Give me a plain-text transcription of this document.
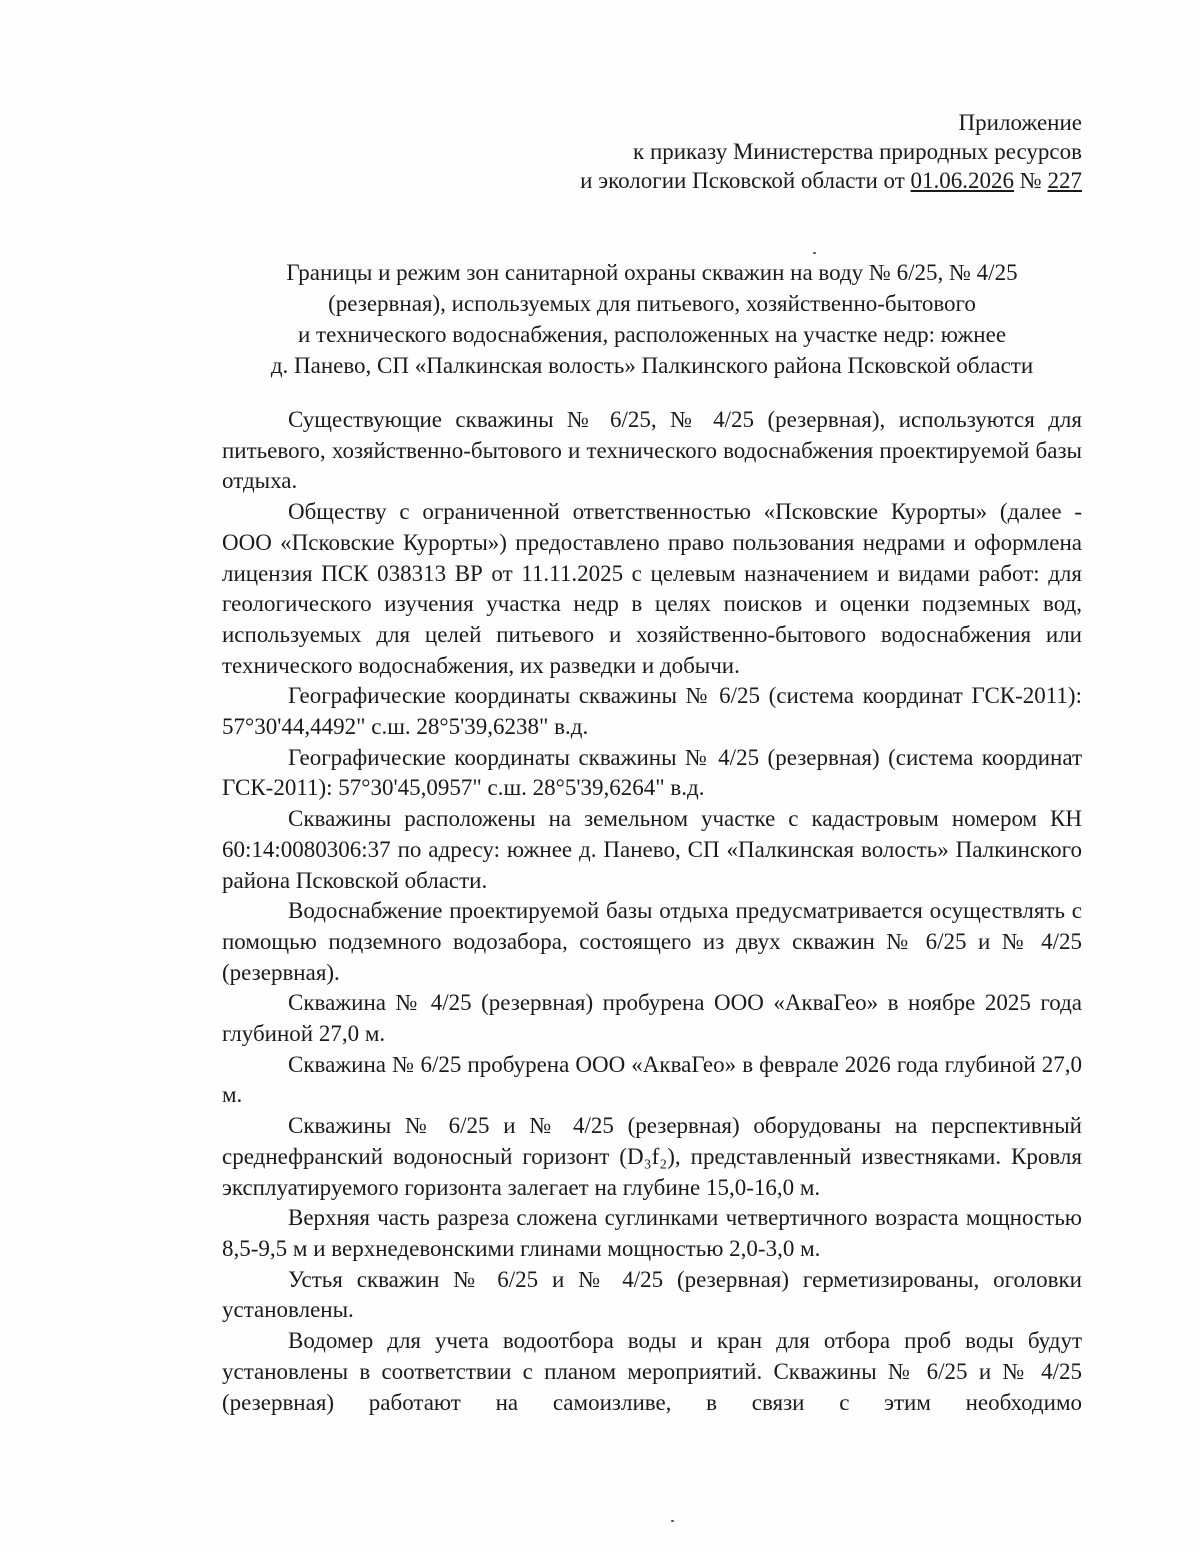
Приложение
к приказу Министерства природных ресурсов
и экологии Псковской области от 01.06.2026 № 227
Границы и режим зон санитарной охраны скважин на воду № 6/25, № 4/25
(резервная), используемых для питьевого, хозяйственно-бытового
и технического водоснабжения, расположенных на участке недр: южнее
д. Панево, СП «Палкинская волость» Палкинского района Псковской области

Существующие скважины № 6/25, № 4/25 (резервная), используются для питьевого, хозяйственно-бытового и технического водоснабжения проектируемой базы отдыха.

Обществу с ограниченной ответственностью «Псковские Курорты» (далее - ООО «Псковские Курорты») предоставлено право пользования недрами и оформлена лицензия ПСК 038313 ВР от 11.11.2025 с целевым назначением и видами работ: для геологического изучения участка недр в целях поисков и оценки подземных вод, используемых для целей питьевого и хозяйственно-бытового водоснабжения или технического водоснабжения, их разведки и добычи.

Географические координаты скважины № 6/25 (система координат ГСК-2011): 57°30'44,4492" с.ш. 28°5'39,6238" в.д.

Географические координаты скважины № 4/25 (резервная) (система координат ГСК-2011): 57°30'45,0957" с.ш. 28°5'39,6264" в.д.

Скважины расположены на земельном участке с кадастровым номером КН 60:14:0080306:37 по адресу: южнее д. Панево, СП «Палкинская волость» Палкинского района Псковской области.

Водоснабжение проектируемой базы отдыха предусматривается осуществлять с помощью подземного водозабора, состоящего из двух скважин № 6/25 и № 4/25 (резервная).

Скважина № 4/25 (резервная) пробурена ООО «АкваГео» в ноябре 2025 года глубиной 27,0 м.

Скважина № 6/25 пробурена ООО «АкваГео» в феврале 2026 года глубиной 27,0 м.

Скважины № 6/25 и № 4/25 (резервная) оборудованы на перспективный среднефранский водоносный горизонт (D₃f₂), представленный известняками. Кровля эксплуатируемого горизонта залегает на глубине 15,0-16,0 м.

Верхняя часть разреза сложена суглинками четвертичного возраста мощностью 8,5-9,5 м и верхнедевонскими глинами мощностью 2,0-3,0 м.

Устья скважин № 6/25 и № 4/25 (резервная) герметизированы, оголовки установлены.

Водомер для учета водоотбора воды и кран для отбора проб воды будут установлены в соответствии с планом мероприятий. Скважины № 6/25 и № 4/25 (резервная) работают на самоизливе, в связи с этим необходимо
